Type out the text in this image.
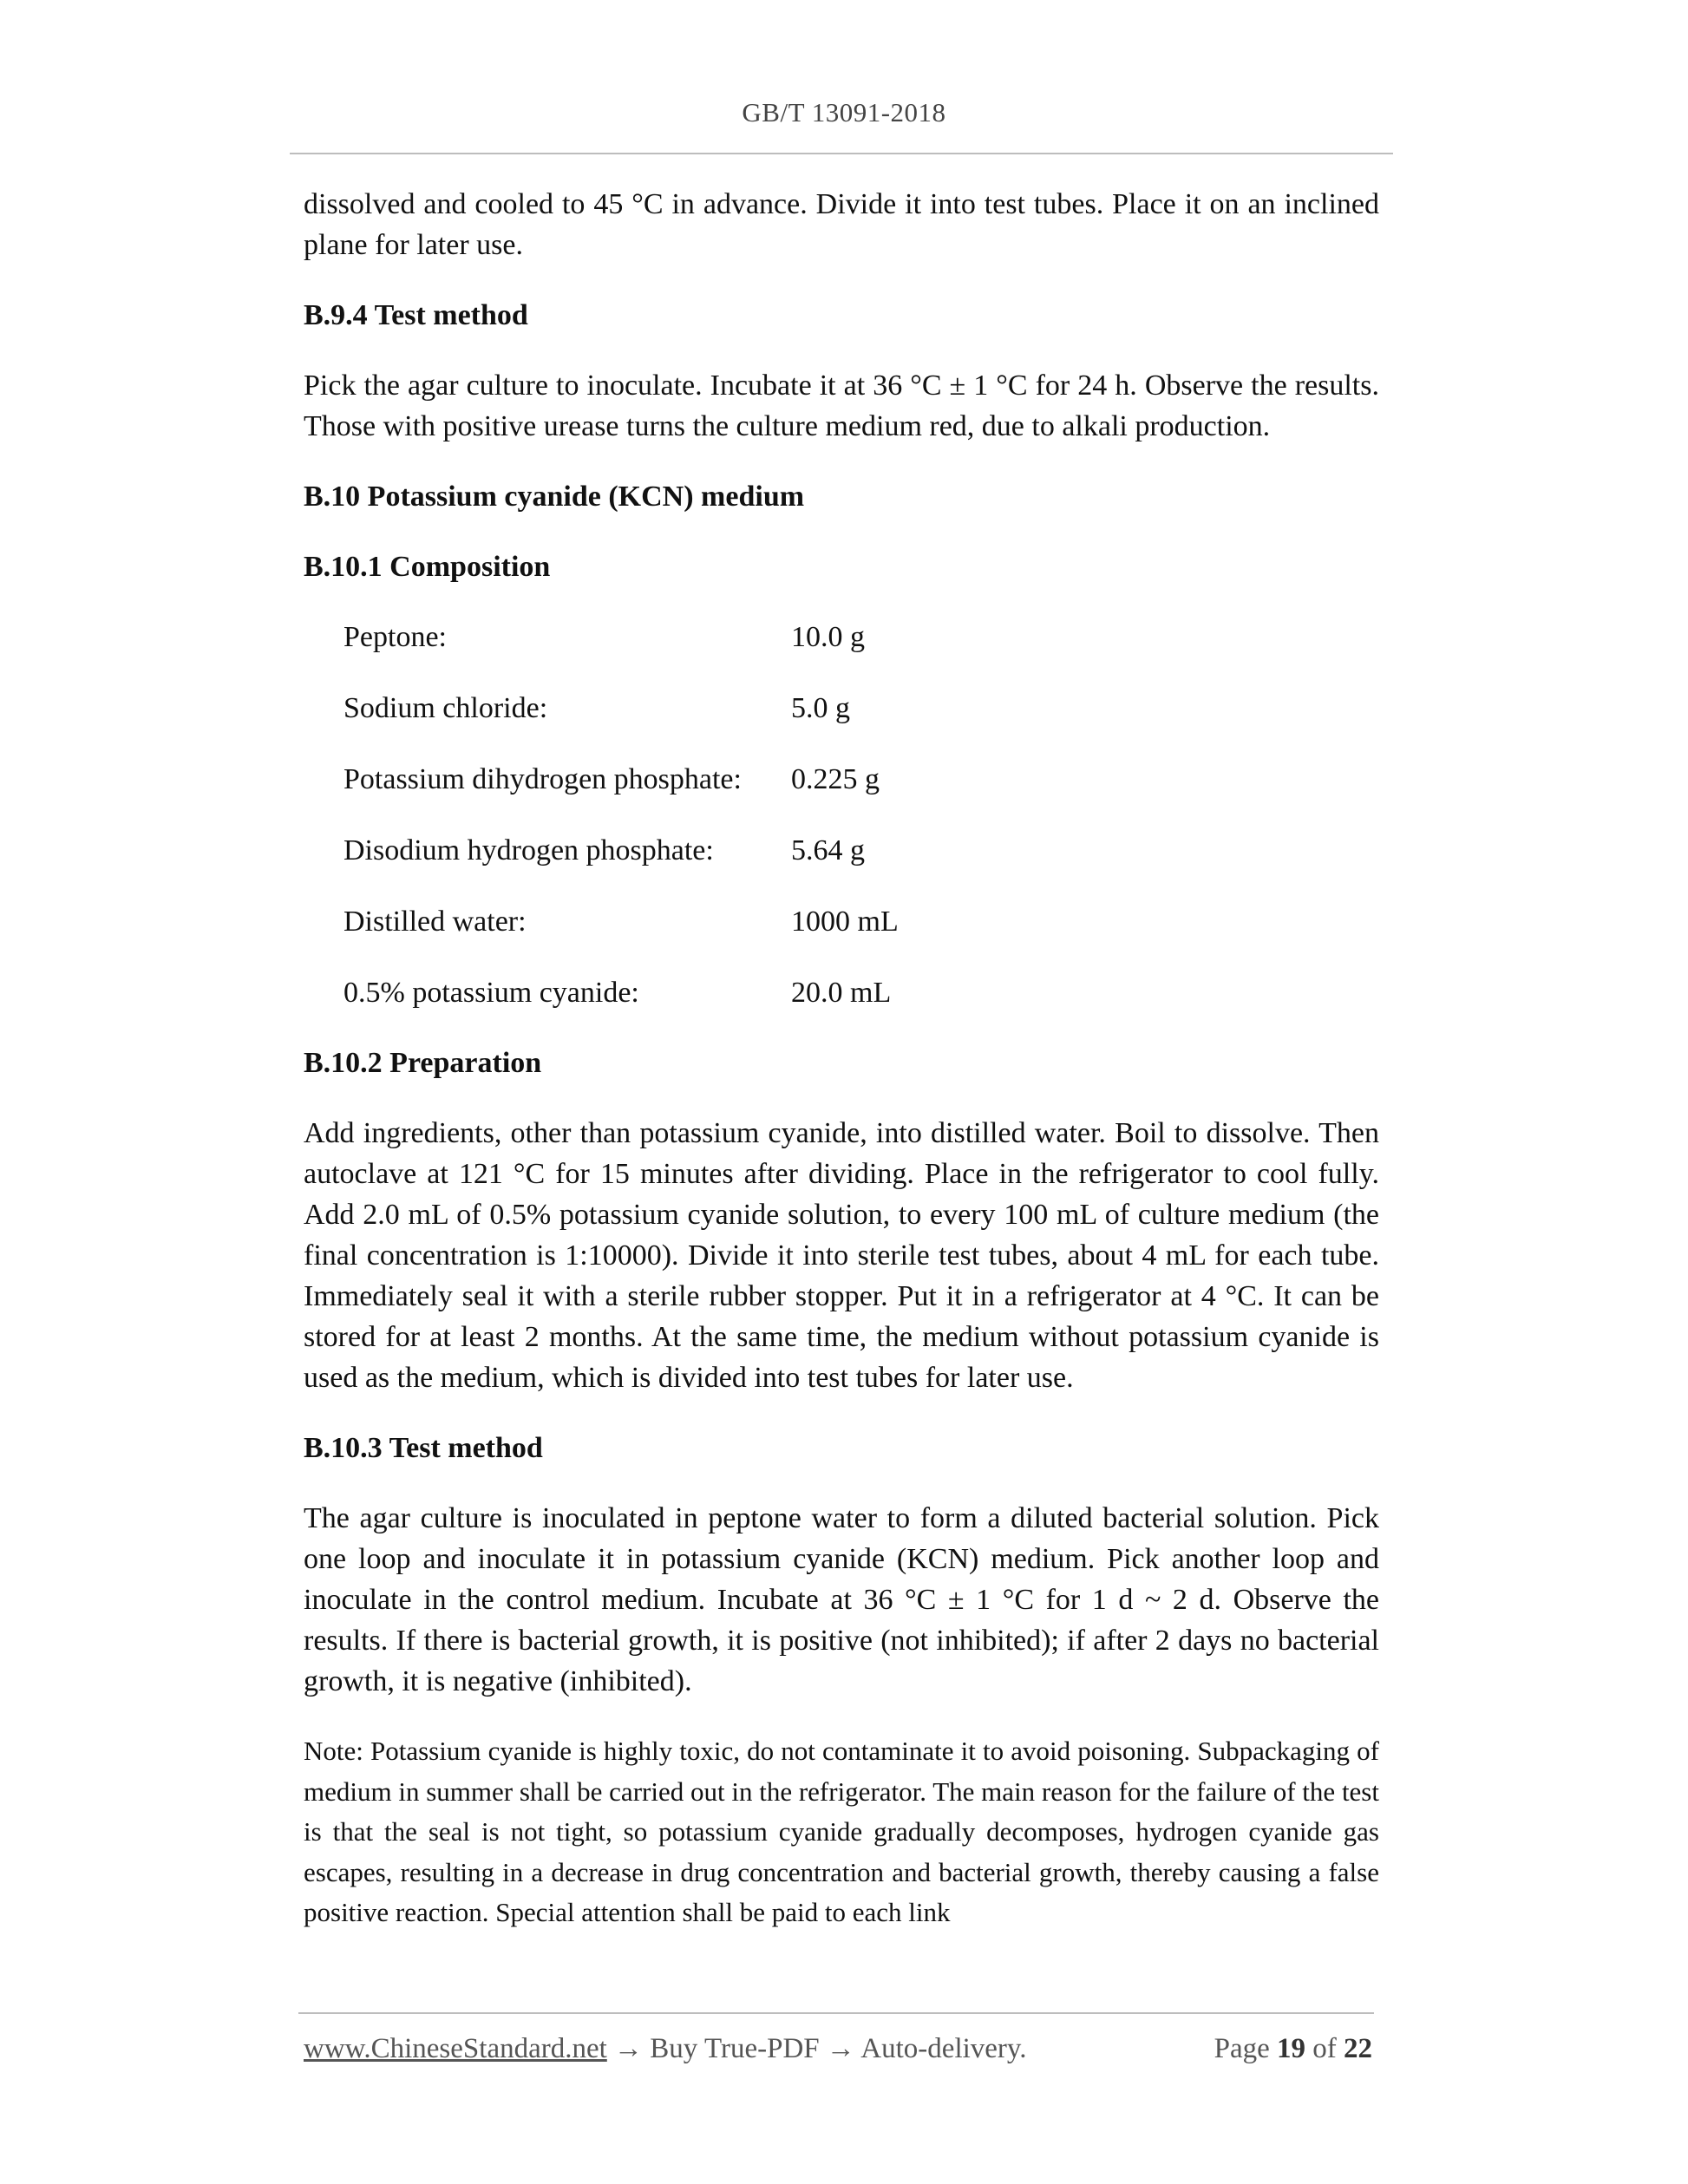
GB/T 13091-2018

dissolved and cooled to 45 °C in advance. Divide it into test tubes. Place it on an inclined plane for later use.

B.9.4 Test method

Pick the agar culture to inoculate. Incubate it at 36 °C ± 1 °C for 24 h. Observe the results. Those with positive urease turns the culture medium red, due to alkali production.

B.10 Potassium cyanide (KCN) medium

B.10.1 Composition

Peptone:	10.0 g
Sodium chloride:	5.0 g
Potassium dihydrogen phosphate:	0.225 g
Disodium hydrogen phosphate:	5.64 g
Distilled water:	1000 mL
0.5% potassium cyanide:	20.0 mL

B.10.2 Preparation

Add ingredients, other than potassium cyanide, into distilled water. Boil to dissolve. Then autoclave at 121 °C for 15 minutes after dividing. Place in the refrigerator to cool fully. Add 2.0 mL of 0.5% potassium cyanide solution, to every 100 mL of culture medium (the final concentration is 1:10000). Divide it into sterile test tubes, about 4 mL for each tube. Immediately seal it with a sterile rubber stopper. Put it in a refrigerator at 4 °C. It can be stored for at least 2 months. At the same time, the medium without potassium cyanide is used as the medium, which is divided into test tubes for later use.

B.10.3 Test method

The agar culture is inoculated in peptone water to form a diluted bacterial solution. Pick one loop and inoculate it in potassium cyanide (KCN) medium. Pick another loop and inoculate in the control medium. Incubate at 36 °C ± 1 °C for 1 d ~ 2 d. Observe the results. If there is bacterial growth, it is positive (not inhibited); if after 2 days no bacterial growth, it is negative (inhibited).

Note: Potassium cyanide is highly toxic, do not contaminate it to avoid poisoning. Subpackaging of medium in summer shall be carried out in the refrigerator. The main reason for the failure of the test is that the seal is not tight, so potassium cyanide gradually decomposes, hydrogen cyanide gas escapes, resulting in a decrease in drug concentration and bacterial growth, thereby causing a false positive reaction. Special attention shall be paid to each link

www.ChineseStandard.net → Buy True-PDF → Auto-delivery.	Page 19 of 22
